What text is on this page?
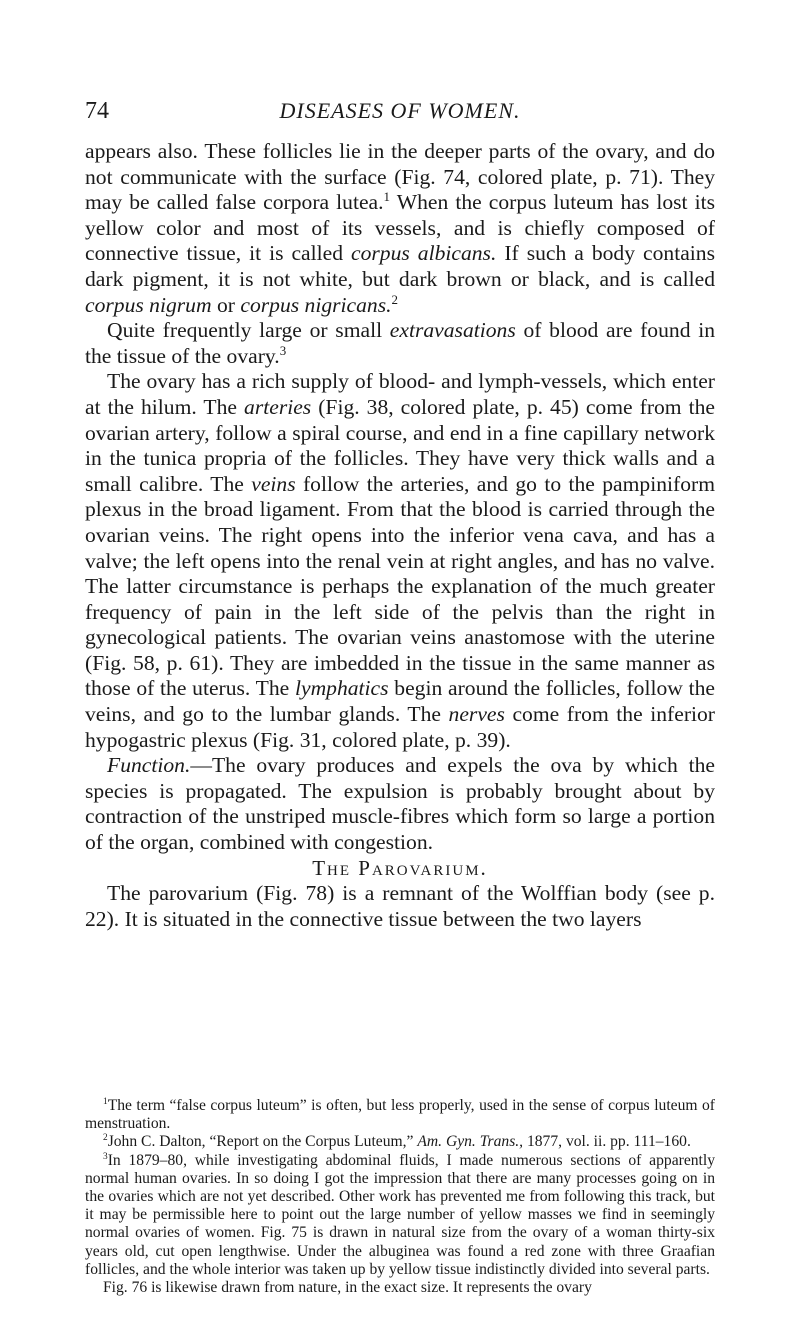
74	DISEASES OF WOMEN.

appears also. These follicles lie in the deeper parts of the ovary, and do not communicate with the surface (Fig. 74, colored plate, p. 71). They may be called false corpora lutea.$^1$ When the corpus luteum has lost its yellow color and most of its vessels, and is chiefly composed of connective tissue, it is called corpus albicans. If such a body contains dark pigment, it is not white, but dark brown or black, and is called corpus nigrum or corpus nigricans.$^2$

Quite frequently large or small extravasations of blood are found in the tissue of the ovary.$^3$

The ovary has a rich supply of blood- and lymph-vessels, which enter at the hilum. The arteries (Fig. 38, colored plate, p. 45) come from the ovarian artery, follow a spiral course, and end in a fine capillary network in the tunica propria of the follicles. They have very thick walls and a small calibre. The veins follow the arteries, and go to the pampiniform plexus in the broad ligament. From that the blood is carried through the ovarian veins. The right opens into the inferior vena cava, and has a valve; the left opens into the renal vein at right angles, and has no valve. The latter circumstance is perhaps the explanation of the much greater frequency of pain in the left side of the pelvis than the right in gynecological patients. The ovarian veins anastomose with the uterine (Fig. 58, p. 61). They are imbedded in the tissue in the same manner as those of the uterus. The lymphatics begin around the follicles, follow the veins, and go to the lumbar glands. The nerves come from the inferior hypogastric plexus (Fig. 31, colored plate, p. 39).

Function.—The ovary produces and expels the ova by which the species is propagated. The expulsion is probably brought about by contraction of the unstriped muscle-fibres which form so large a portion of the organ, combined with congestion.

The Parovarium.

The parovarium (Fig. 78) is a remnant of the Wolffian body (see p. 22). It is situated in the connective tissue between the two layers

$^1$The term “false corpus luteum” is often, but less properly, used in the sense of corpus luteum of menstruation.

$^2$John C. Dalton, “Report on the Corpus Luteum,” Am. Gyn. Trans., 1877, vol. ii. pp. 111–160.

$^3$In 1879–80, while investigating abdominal fluids, I made numerous sections of apparently normal human ovaries. In so doing I got the impression that there are many processes going on in the ovaries which are not yet described. Other work has prevented me from following this track, but it may be permissible here to point out the large number of yellow masses we find in seemingly normal ovaries of women. Fig. 75 is drawn in natural size from the ovary of a woman thirty-six years old, cut open lengthwise. Under the albuginea was found a red zone with three Graafian follicles, and the whole interior was taken up by yellow tissue indistinctly divided into several parts.

Fig. 76 is likewise drawn from nature, in the exact size. It represents the ovary
